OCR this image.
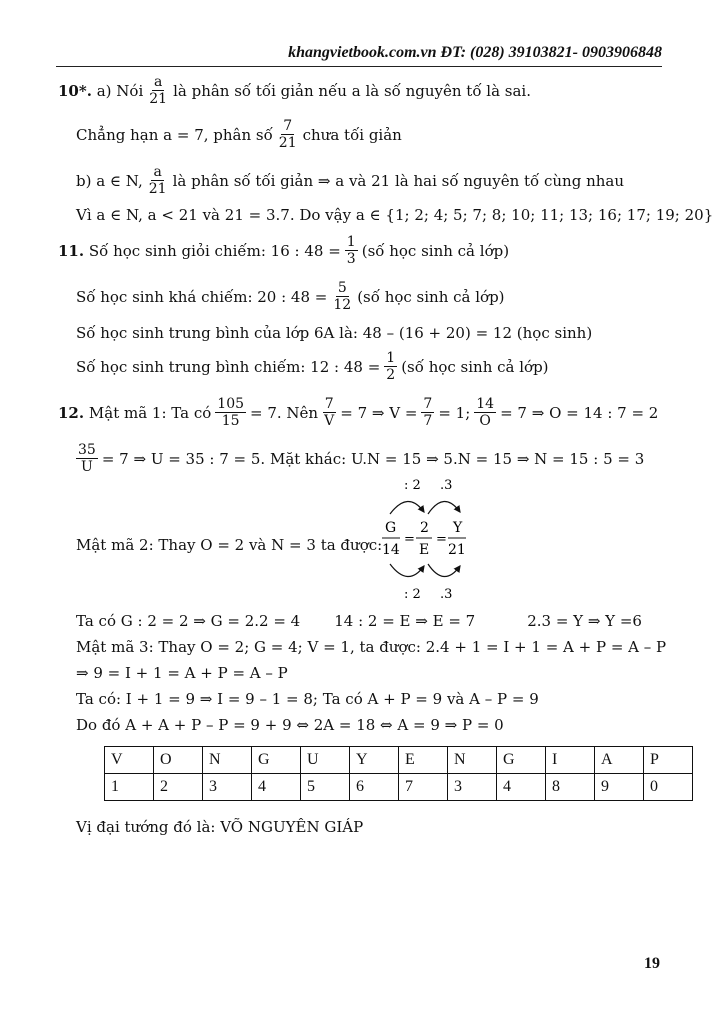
khangvietbook.com.vn ĐT: (028) 39103821- 0903906848
10*.
a) Nói $\frac{a}{21}$ là phân số tối giản nếu a là số nguyên tố là sai.
Chẳng hạn a = 7, phân số $\frac{7}{21}$ chưa tối giản
b) a ∈ N, $\frac{a}{21}$ là phân số tối giản ⇒ a và 21 là hai số nguyên tố cùng nhau
Vì a ∈ N, a < 21 và 21 = 3.7. Do vậy a ∈ {1; 2; 4; 5; 7; 8; 10; 11; 13; 16; 17; 19; 20}
11.
Số học sinh giỏi chiếm: 16 : $48 = \frac{1}{3}$ (số học sinh cả lớp)
Số học sinh khá chiếm: 20 : $48 = \frac{5}{12}$ (số học sinh cả lớp)
Số học sinh trung bình của lớp 6A là: 48 – (16 + 20) = 12 (học sinh)
Số học sinh trung bình chiếm: 12 : $48 = \frac{1}{2}$ (số học sinh cả lớp)
12.
Mật mã 1: Ta có $\frac{105}{15} = 7$. Nên $\frac{7}{V} = 7$ ⇒ $V = \frac{7}{7} = 1$; $\frac{14}{O} = 7$ ⇒ O = 14 : 7 = 2
$\frac{35}{U} = 7$ ⇒ U = 35 : 7 = 5. Mặt khác: U.N = 15 ⇒ 5.N = 15 ⇒ N = 15 : 5 = 3
Mật mã 2: Thay O = 2 và N = 3 ta được:
: 2 .3
G
14
=
2
E
=
Y
21
: 2 .3
Ta có G : 2 = 2 ⇒ G = 2.2 = 4 14 : 2 = E ⇒ E = 7	2.3 = Y ⇒ Y =6
Mật mã 3: Thay O = 2; G = 4; V = 1, ta được: 2.4 + 1 = I + 1 = A + P = A – P
⇒ 9 = I + 1 = A + P = A – P
Ta có: I + 1 = 9 ⇒ I = 9 – 1 = 8; Ta có A + P = 9 và A – P = 9
Do đó A + A + P – P = 9 + 9 ⇔ 2A = 18 ⇔ A = 9 ⇒ P = 0
V	O	N	G	U	Y	E	N	G	I	A	P
1	2	3	4	5	6	7	3	4	8	9	0
Vị đại tướng đó là: VÕ NGUYÊN GIÁP
19
